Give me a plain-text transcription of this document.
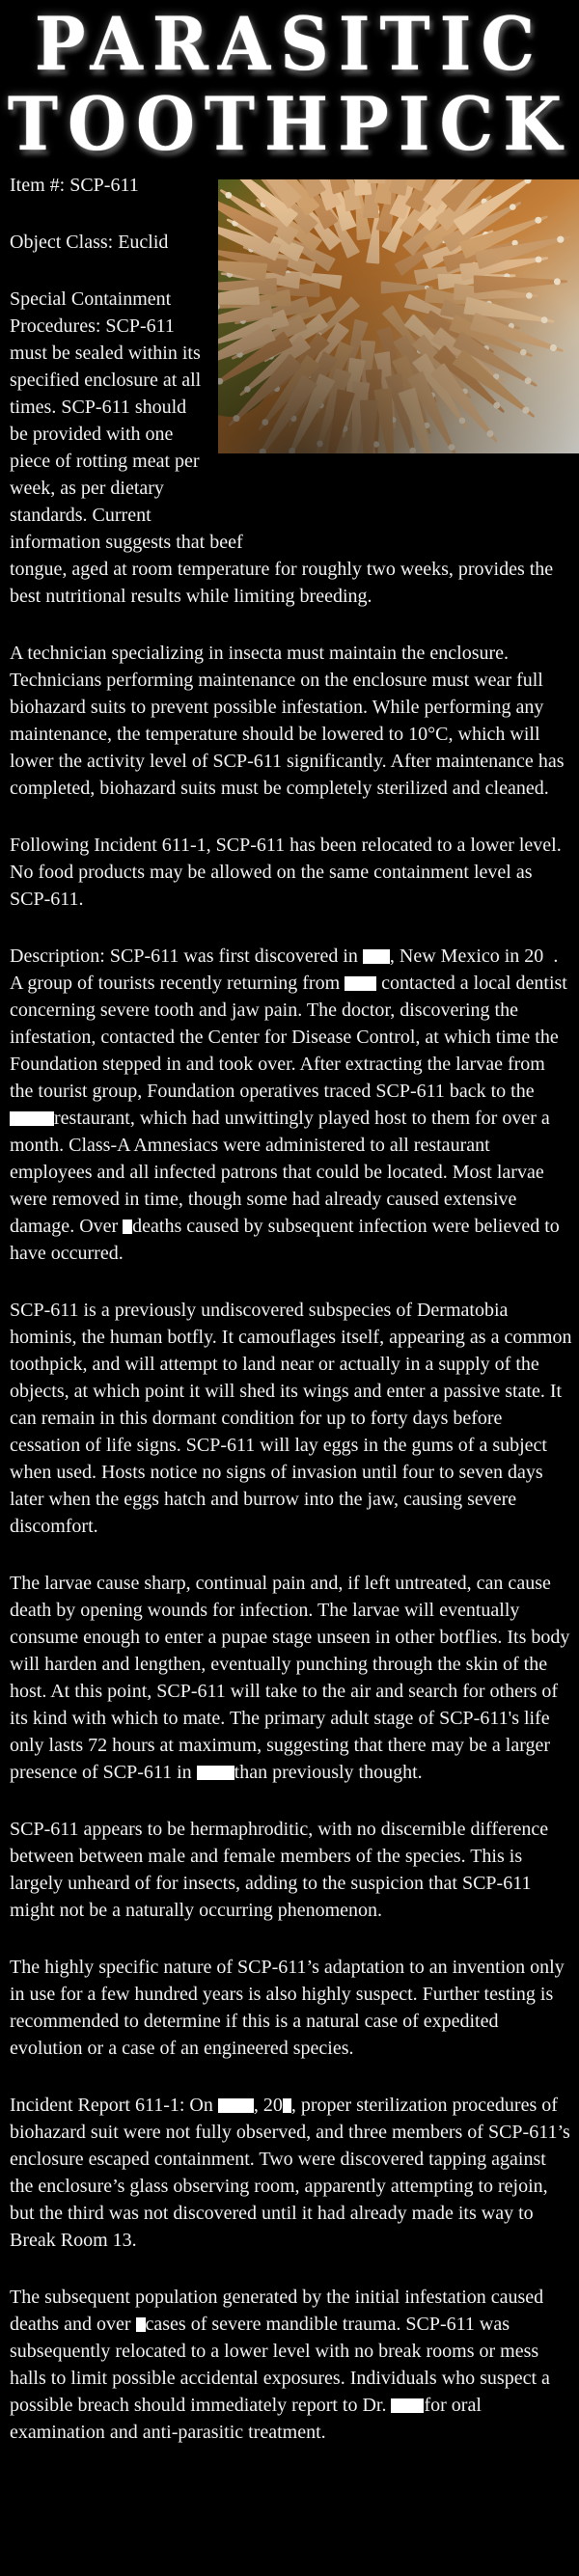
PARASITIC
TOOTHPICK

Item #: SCP-611

Object Class: Euclid

Special Containment
Procedures: SCP-611
must be sealed within its
specified enclosure at all
times. SCP-611 should
be provided with one
piece of rotting meat per week, as per dietary
standards. Current
information suggests that beef
tongue, aged at room temperature for roughly two weeks, provides the best nutritional results while limiting breeding.

A technician specializing in insecta must maintain the enclosure. Technicians performing maintenance on the enclosure must wear full biohazard suits to prevent possible infestation. While performing any maintenance, the temperature should be lowered to 10°C, which will lower the activity level of SCP-611 significantly. After maintenance has completed, biohazard suits must be completely sterilized and cleaned.

Following Incident 611-1, SCP-611 has been relocated to a lower level. No food products may be allowed on the same containment level as SCP-611.

Description: SCP-611 was first discovered in , New Mexico in 20 . A group of tourists recently returning from  contacted a local dentist concerning severe tooth and jaw pain. The doctor, discovering the infestation, contacted the Center for Disease Control, at which time the Foundation stepped in and took over. After extracting the larvae from the tourist group, Foundation operatives traced SCP-611 back to the restaurant, which had unwittingly played host to them for over a month. Class-A Amnesiacs were administered to all restaurant employees and all infected patrons that could be located. Most larvae were removed in time, though some had already caused extensive damage. Over deaths caused by subsequent infection were believed to have occurred.

SCP-611 is a previously undiscovered subspecies of Dermatobia hominis, the human botfly. It camouflages itself, appearing as a common toothpick, and will attempt to land near or actually in a supply of the objects, at which point it will shed its wings and enter a passive state. It can remain in this dormant condition for up to forty days before cessation of life signs. SCP-611 will lay eggs in the gums of a subject when used. Hosts notice no signs of invasion until four to seven days later when the eggs hatch and burrow into the jaw, causing severe discomfort.

The larvae cause sharp, continual pain and, if left untreated, can cause death by opening wounds for infection. The larvae will eventually consume enough to enter a pupae stage unseen in other botflies. Its body will harden and lengthen, eventually punching through the skin of the host. At this point, SCP-611 will take to the air and search for others of its kind with which to mate. The primary adult stage of SCP-611's life only lasts 72 hours at maximum, suggesting that there may be a larger presence of SCP-611 in than previously thought.

SCP-611 appears to be hermaphroditic, with no discernible difference between between male and female members of the species. This is largely unheard of for insects, adding to the suspicion that SCP-611 might not be a naturally occurring phenomenon.

The highly specific nature of SCP-611’s adaptation to an invention only in use for a few hundred years is also highly suspect. Further testing is recommended to determine if this is a natural case of expedited evolution or a case of an engineered species.

Incident Report 611-1: On , 20 , proper sterilization procedures of biohazard suit were not fully observed, and three members of SCP-611’s enclosure escaped containment. Two were discovered tapping against the enclosure’s glass observing room, apparently attempting to rejoin, but the third was not discovered until it had already made its way to Break Room 13.

The subsequent population generated by the initial infestation caused deaths and over cases of severe mandible trauma. SCP-611 was subsequently relocated to a lower level with no break rooms or mess halls to limit possible accidental exposures. Individuals who suspect a possible breach should immediately report to Dr. for oral examination and anti-parasitic treatment.
